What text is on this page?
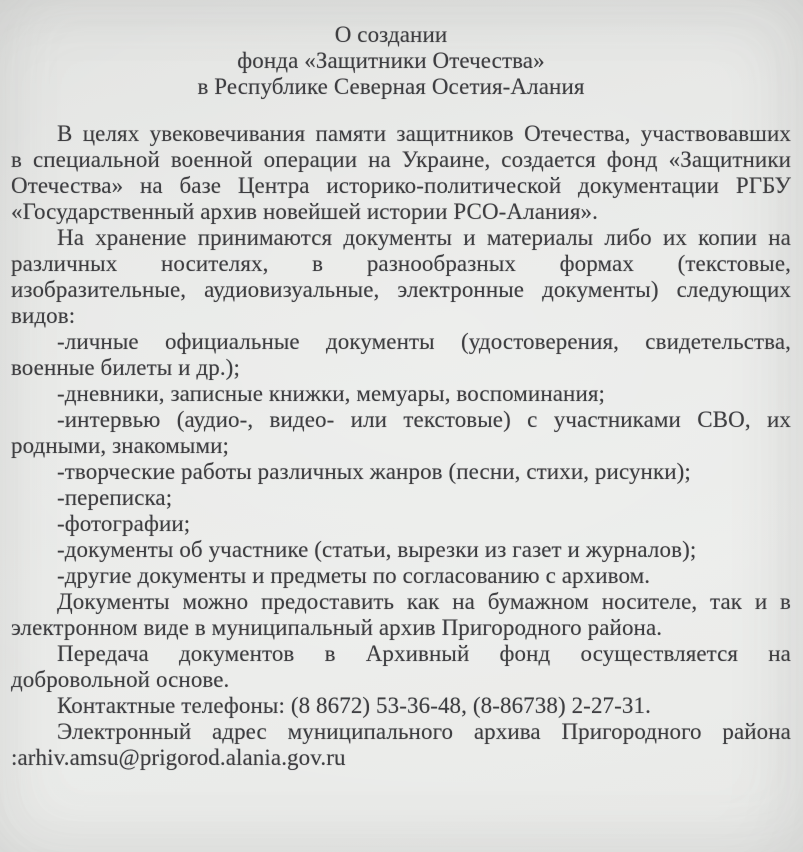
О создании
фонда «Защитники Отечества»
в Республике Северная Осетия-Алания
В целях увековечивания памяти защитников Отечества, участвовавших
в специальной военной операции на Украине, создается фонд «Защитники
Отечества» на базе Центра историко-политической документации РГБУ
«Государственный архив новейшей истории РСО-Алания».
На хранение принимаются документы и материалы либо их копии на
различных носителях, в разнообразных формах (текстовые,
изобразительные, аудиовизуальные, электронные документы) следующих
видов:
-личные официальные документы (удостоверения, свидетельства,
военные билеты и др.);
-дневники, записные книжки, мемуары, воспоминания;
-интервью (аудио-, видео- или текстовые) с участниками СВО, их
родными, знакомыми;
-творческие работы различных жанров (песни, стихи, рисунки);
-переписка;
-фотографии;
-документы об участнике (статьи, вырезки из газет и журналов);
-другие документы и предметы по согласованию с архивом.
Документы можно предоставить как на бумажном носителе, так и в
электронном виде в муниципальный архив Пригородного района.
Передача документов в Архивный фонд осуществляется на
добровольной основе.
Контактные телефоны: (8 8672) 53-36-48, (8-86738) 2-27-31.
Электронный адрес муниципального архива Пригородного района
:arhiv.amsu@prigorod.alania.gov.ru
